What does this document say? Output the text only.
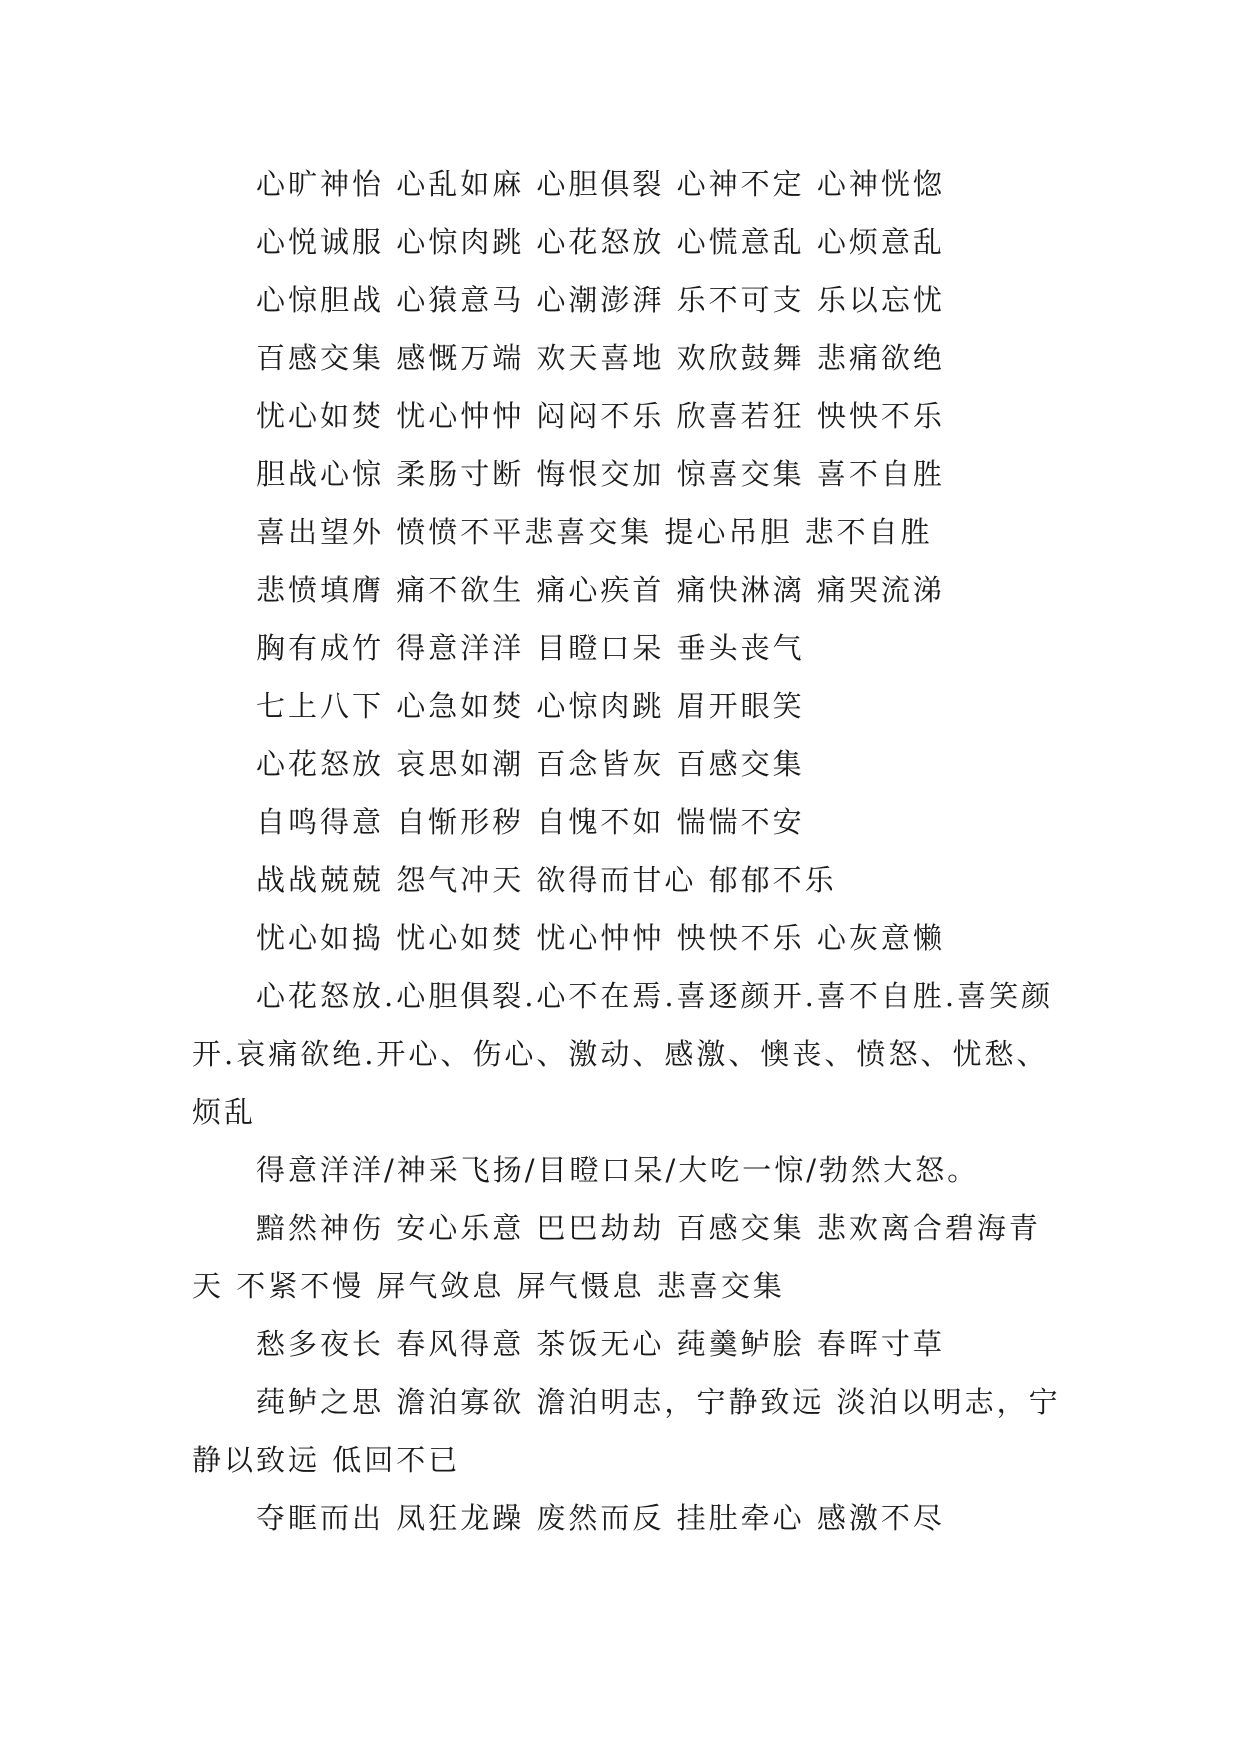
心旷神怡 心乱如麻 心胆俱裂 心神不定 心神恍惚

心悦诚服 心惊肉跳 心花怒放 心慌意乱 心烦意乱

心惊胆战 心猿意马 心潮澎湃 乐不可支 乐以忘忧

百感交集 感慨万端 欢天喜地 欢欣鼓舞 悲痛欲绝

忧心如焚 忧心忡忡 闷闷不乐 欣喜若狂 怏怏不乐

胆战心惊 柔肠寸断 悔恨交加 惊喜交集 喜不自胜

喜出望外 愤愤不平悲喜交集 提心吊胆 悲不自胜

悲愤填膺 痛不欲生 痛心疾首 痛快淋漓 痛哭流涕

胸有成竹 得意洋洋 目瞪口呆 垂头丧气

七上八下 心急如焚 心惊肉跳 眉开眼笑

心花怒放 哀思如潮 百念皆灰 百感交集

自鸣得意 自惭形秽 自愧不如 惴惴不安

战战兢兢 怨气冲天 欲得而甘心 郁郁不乐

忧心如捣 忧心如焚 忧心忡忡 怏怏不乐 心灰意懒

心花怒放.心胆俱裂.心不在焉.喜逐颜开.喜不自胜.喜笑颜开.哀痛欲绝.开心、伤心、激动、感激、懊丧、愤怒、忧愁、烦乱

得意洋洋/神采飞扬/目瞪口呆/大吃一惊/勃然大怒。

黯然神伤 安心乐意 巴巴劫劫 百感交集 悲欢离合碧海青天 不紧不慢 屏气敛息 屏气慑息 悲喜交集

愁多夜长 春风得意 茶饭无心 莼羹鲈脍 春晖寸草

莼鲈之思 澹泊寡欲 澹泊明志，宁静致远 淡泊以明志，宁静以致远 低回不已

夺眶而出 凤狂龙躁 废然而反 挂肚牵心 感激不尽
